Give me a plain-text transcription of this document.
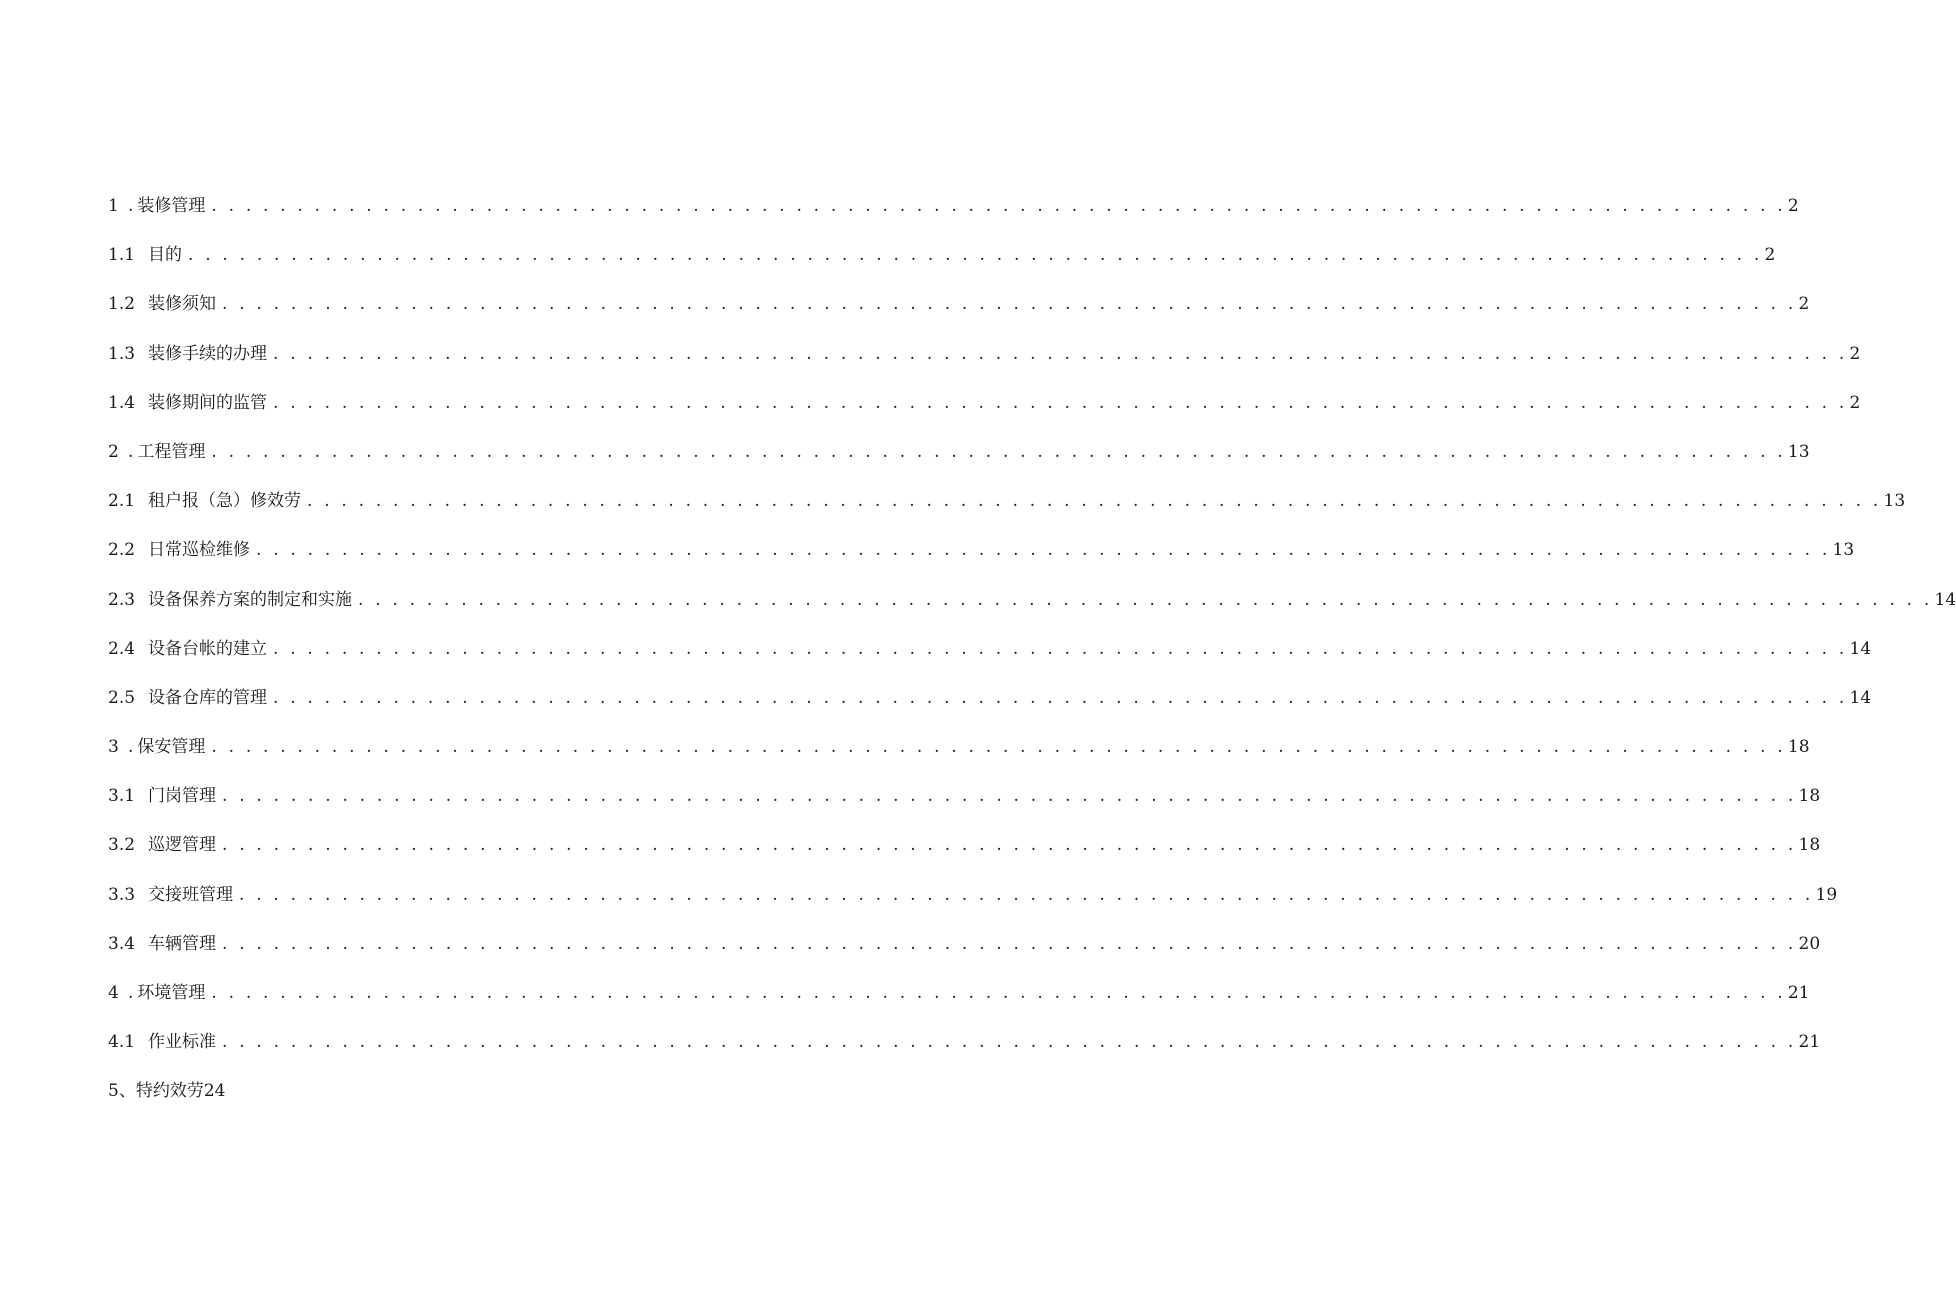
1 . 装修管理 . . . . . . . . . . . . . . . . . . . . . . . . . . . . . . . . . . . . . . . . . . . . . . . . . . . . . . . . . . . . . . . . . . . . . . . . . . . . . . . . . . . . . . . . . . . . 2
1.1 目的 . . . . . . . . . . . . . . . . . . . . . . . . . . . . . . . . . . . . . . . . . . . . . . . . . . . . . . . . . . . . . . . . . . . . . . . . . . . . . . . . . . . . . . . . . . . . 2
1.2 装修须知 . . . . . . . . . . . . . . . . . . . . . . . . . . . . . . . . . . . . . . . . . . . . . . . . . . . . . . . . . . . . . . . . . . . . . . . . . . . . . . . . . . . . . . . . . . . . 2
1.3 装修手续的办理 . . . . . . . . . . . . . . . . . . . . . . . . . . . . . . . . . . . . . . . . . . . . . . . . . . . . . . . . . . . . . . . . . . . . . . . . . . . . . . . . . . . . . . . . . . . . 2
1.4 装修期间的监管 . . . . . . . . . . . . . . . . . . . . . . . . . . . . . . . . . . . . . . . . . . . . . . . . . . . . . . . . . . . . . . . . . . . . . . . . . . . . . . . . . . . . . . . . . . . . 2
2 . 工程管理 . . . . . . . . . . . . . . . . . . . . . . . . . . . . . . . . . . . . . . . . . . . . . . . . . . . . . . . . . . . . . . . . . . . . . . . . . . . . . . . . . . . . . . . . . . . . 13
2.1 租户报（急）修效劳 . . . . . . . . . . . . . . . . . . . . . . . . . . . . . . . . . . . . . . . . . . . . . . . . . . . . . . . . . . . . . . . . . . . . . . . . . . . . . . . . . . . . . . . . . . . . 13
2.2 日常巡检维修 . . . . . . . . . . . . . . . . . . . . . . . . . . . . . . . . . . . . . . . . . . . . . . . . . . . . . . . . . . . . . . . . . . . . . . . . . . . . . . . . . . . . . . . . . . . . 13
2.3 设备保养方案的制定和实施 . . . . . . . . . . . . . . . . . . . . . . . . . . . . . . . . . . . . . . . . . . . . . . . . . . . . . . . . . . . . . . . . . . . . . . . . . . . . . . . . . . . . . . . . . . . . 14
2.4 设备台帐的建立 . . . . . . . . . . . . . . . . . . . . . . . . . . . . . . . . . . . . . . . . . . . . . . . . . . . . . . . . . . . . . . . . . . . . . . . . . . . . . . . . . . . . . . . . . . . . 14
2.5 设备仓库的管理 . . . . . . . . . . . . . . . . . . . . . . . . . . . . . . . . . . . . . . . . . . . . . . . . . . . . . . . . . . . . . . . . . . . . . . . . . . . . . . . . . . . . . . . . . . . . 14
3 . 保安管理 . . . . . . . . . . . . . . . . . . . . . . . . . . . . . . . . . . . . . . . . . . . . . . . . . . . . . . . . . . . . . . . . . . . . . . . . . . . . . . . . . . . . . . . . . . . . 18
3.1 门岗管理 . . . . . . . . . . . . . . . . . . . . . . . . . . . . . . . . . . . . . . . . . . . . . . . . . . . . . . . . . . . . . . . . . . . . . . . . . . . . . . . . . . . . . . . . . . . . 18
3.2 巡逻管理 . . . . . . . . . . . . . . . . . . . . . . . . . . . . . . . . . . . . . . . . . . . . . . . . . . . . . . . . . . . . . . . . . . . . . . . . . . . . . . . . . . . . . . . . . . . . 18
3.3 交接班管理 . . . . . . . . . . . . . . . . . . . . . . . . . . . . . . . . . . . . . . . . . . . . . . . . . . . . . . . . . . . . . . . . . . . . . . . . . . . . . . . . . . . . . . . . . . . . 19
3.4 车辆管理 . . . . . . . . . . . . . . . . . . . . . . . . . . . . . . . . . . . . . . . . . . . . . . . . . . . . . . . . . . . . . . . . . . . . . . . . . . . . . . . . . . . . . . . . . . . . 20
4 . 环境管理 . . . . . . . . . . . . . . . . . . . . . . . . . . . . . . . . . . . . . . . . . . . . . . . . . . . . . . . . . . . . . . . . . . . . . . . . . . . . . . . . . . . . . . . . . . . . 21
4.1 作业标准 . . . . . . . . . . . . . . . . . . . . . . . . . . . . . . . . . . . . . . . . . . . . . . . . . . . . . . . . . . . . . . . . . . . . . . . . . . . . . . . . . . . . . . . . . . . . 21
5、特约效劳24
